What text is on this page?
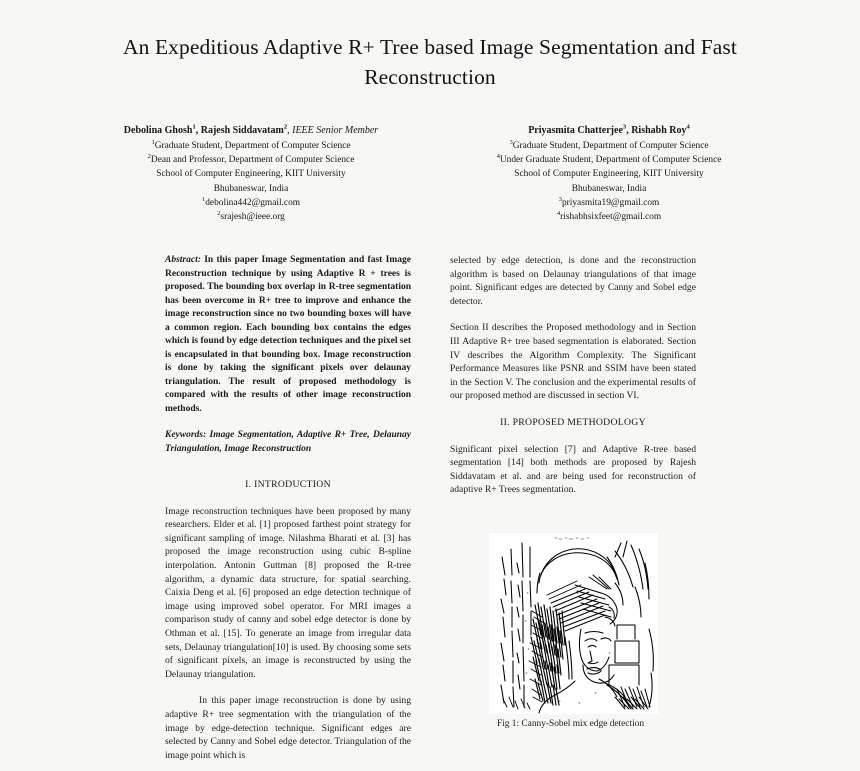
An Expeditious Adaptive R+ Tree based Image Segmentation and Fast Reconstruction
Debolina Ghosh$^1$, Rajesh Siddavatam$^2$, IEEE Senior Member
$^1$Graduate Student, Department of Computer Science
$^2$Dean and Professor, Department of Computer Science
School of Computer Engineering, KIIT University
Bhubaneswar, India
$^1$debolina442@gmail.com
$^2$srajesh@ieee.org
Priyasmita Chatterjee$^3$, Rishabh Roy$^4$
$^3$Graduate Student, Department of Computer Science
$^4$Under Graduate Student, Department of Computer Science
School of Computer Engineering, KIIT University
Bhubaneswar, India
$^3$priyasmita19@gmail.com
$^4$rishabhsixfeet@gmail.com
Abstract: In this paper Image Segmentation and fast Image Reconstruction technique by using Adaptive R + trees is proposed. The bounding box overlap in R-tree segmentation has been overcome in R+ tree to improve and enhance the image reconstruction since no two bounding boxes will have a common region. Each bounding box contains the edges which is found by edge detection techniques and the pixel set is encapsulated in that bounding box. Image reconstruction is done by taking the significant pixels over delaunay triangulation. The result of proposed methodology is compared with the results of other image reconstruction methods.
Keywords: Image Segmentation, Adaptive R+ Tree, Delaunay Triangulation, Image Reconstruction
I. INTRODUCTION
Image reconstruction techniques have been proposed by many researchers. Elder et al. [1] proposed farthest point strategy for significant sampling of image. Nilashma Bharati et al. [3] has proposed the image reconstruction using cubic B-spline interpolation. Antonin Guttman [8] proposed the R-tree algorithm, a dynamic data structure, for spatial searching. Caixia Deng et al. [6] proposed an edge detection technique of image using improved sobel operator. For MRI images a comparison study of canny and sobel edge detector is done by Othman et al. [15]. To generate an image from irregular data sets, Delaunay triangulation[10] is used. By choosing some sets of significant pixels, an image is reconstructed by using the Delaunay triangulation.
In this paper image reconstruction is done by using adaptive R+ tree segmentation with the triangulation of the image by edge-detection technique. Significant edges are selected by Canny and Sobel edge detector. Triangulation of the image point which is
selected by edge detection, is done and the reconstruction algorithm is based on Delaunay triangulations of that image point. Significant edges are detected by Canny and Sobel edge detector.
Section II describes the Proposed methodology and in Section III Adaptive R+ tree based segmentation is elaborated. Section IV describes the Algorithm Complexity. The Significant Performance Measures like PSNR and SSIM have been stated in the Section V. The conclusion and the experimental results of our proposed method are discussed in section VI.
II. PROPOSED METHODOLOGY
Significant pixel selection [7] and Adaptive R-tree based segmentation [14] both methods are proposed by Rajesh Siddavatam et al. and are being used for reconstruction of adaptive R+ Trees segmentation.
Fig 1: Canny-Sobel mix edge detection
